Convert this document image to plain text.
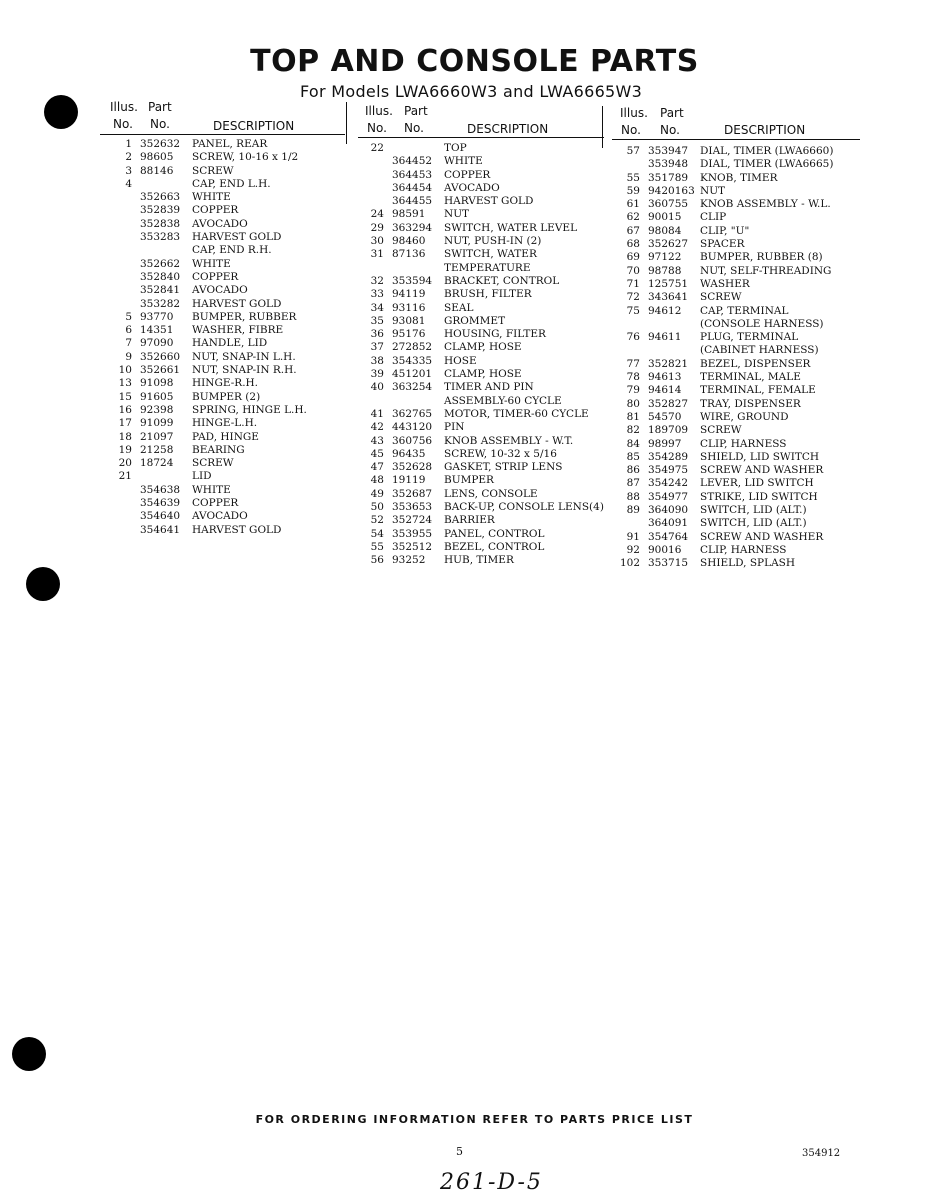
TOP AND CONSOLE PARTS
For Models LWA6660W3 and LWA6665W3
Illus. Part
No. No.	DESCRIPTION
1 352632 PANEL, REAR
2 98605 SCREW, 10-16 x 1/2
3 88146 SCREW
4	CAP, END L.H.
352663 WHITE
352839 COPPER
352838 AVOCADO
353283 HARVEST GOLD
CAP, END R.H.
352662 WHITE
352840 COPPER
352841 AVOCADO
353282 HARVEST GOLD
5 93770 BUMPER, RUBBER
6 14351 WASHER, FIBRE
7 97090 HANDLE, LID
9 352660 NUT, SNAP-IN L.H.
10 352661 NUT, SNAP-IN R.H.
13 91098 HINGE-R.H.
15 91605 BUMPER (2)
16 92398 SPRING, HINGE L.H.
17 91099 HINGE-L.H.
18 21097 PAD, HINGE
19 21258 BEARING
20 18724 SCREW
21	LID
354638 WHITE
354639 COPPER
354640 AVOCADO
354641 HARVEST GOLD
Illus. Part
No. No.	DESCRIPTION
22	TOP
364452 WHITE
364453 COPPER
364454 AVOCADO
364455 HARVEST GOLD
24 98591 NUT
29 363294 SWITCH, WATER LEVEL
30 98460 NUT, PUSH-IN (2)
31 87136 SWITCH, WATER
TEMPERATURE
32 353594 BRACKET, CONTROL
33 94119 BRUSH, FILTER
34 93116 SEAL
35 93081 GROMMET
36 95176 HOUSING, FILTER
37 272852 CLAMP, HOSE
38 354335 HOSE
39 451201 CLAMP, HOSE
40 363254 TIMER AND PIN
ASSEMBLY-60 CYCLE
41 362765 MOTOR, TIMER-60 CYCLE
42 443120 PIN
43 360756 KNOB ASSEMBLY - W.T.
45 96435 SCREW, 10-32 x 5/16
47 352628 GASKET, STRIP LENS
48 19119 BUMPER
49 352687 LENS, CONSOLE
50 353653 BACK-UP, CONSOLE LENS(4)
52 352724 BARRIER
54 353955 PANEL, CONTROL
55 352512 BEZEL, CONTROL
56 93252 HUB, TIMER
Illus. Part
No. No.	DESCRIPTION
57 353947 DIAL, TIMER (LWA6660)
353948 DIAL, TIMER (LWA6665)
55 351789 KNOB, TIMER
59 9420163 NUT
61 360755 KNOB ASSEMBLY - W.L.
62 90015 CLIP
67 98084 CLIP, "U"
68 352627 SPACER
69 97122 BUMPER, RUBBER (8)
70 98788 NUT, SELF-THREADING
71 125751 WASHER
72 343641 SCREW
75 94612 CAP, TERMINAL
(CONSOLE HARNESS)
76 94611 PLUG, TERMINAL
(CABINET HARNESS)
77 352821 BEZEL, DISPENSER
78 94613 TERMINAL, MALE
79 94614 TERMINAL, FEMALE
80 352827 TRAY, DISPENSER
81 54570 WIRE, GROUND
82 189709 SCREW
84 98997 CLIP, HARNESS
85 354289 SHIELD, LID SWITCH
86 354975 SCREW AND WASHER
87 354242 LEVER, LID SWITCH
88 354977 STRIKE, LID SWITCH
89 364090 SWITCH, LID (ALT.)
364091 SWITCH, LID (ALT.)
91 354764 SCREW AND WASHER
92 90016 CLIP, HARNESS
102 353715 SHIELD, SPLASH
FOR ORDERING INFORMATION REFER TO PARTS PRICE LIST
5	354912
261-D-5
